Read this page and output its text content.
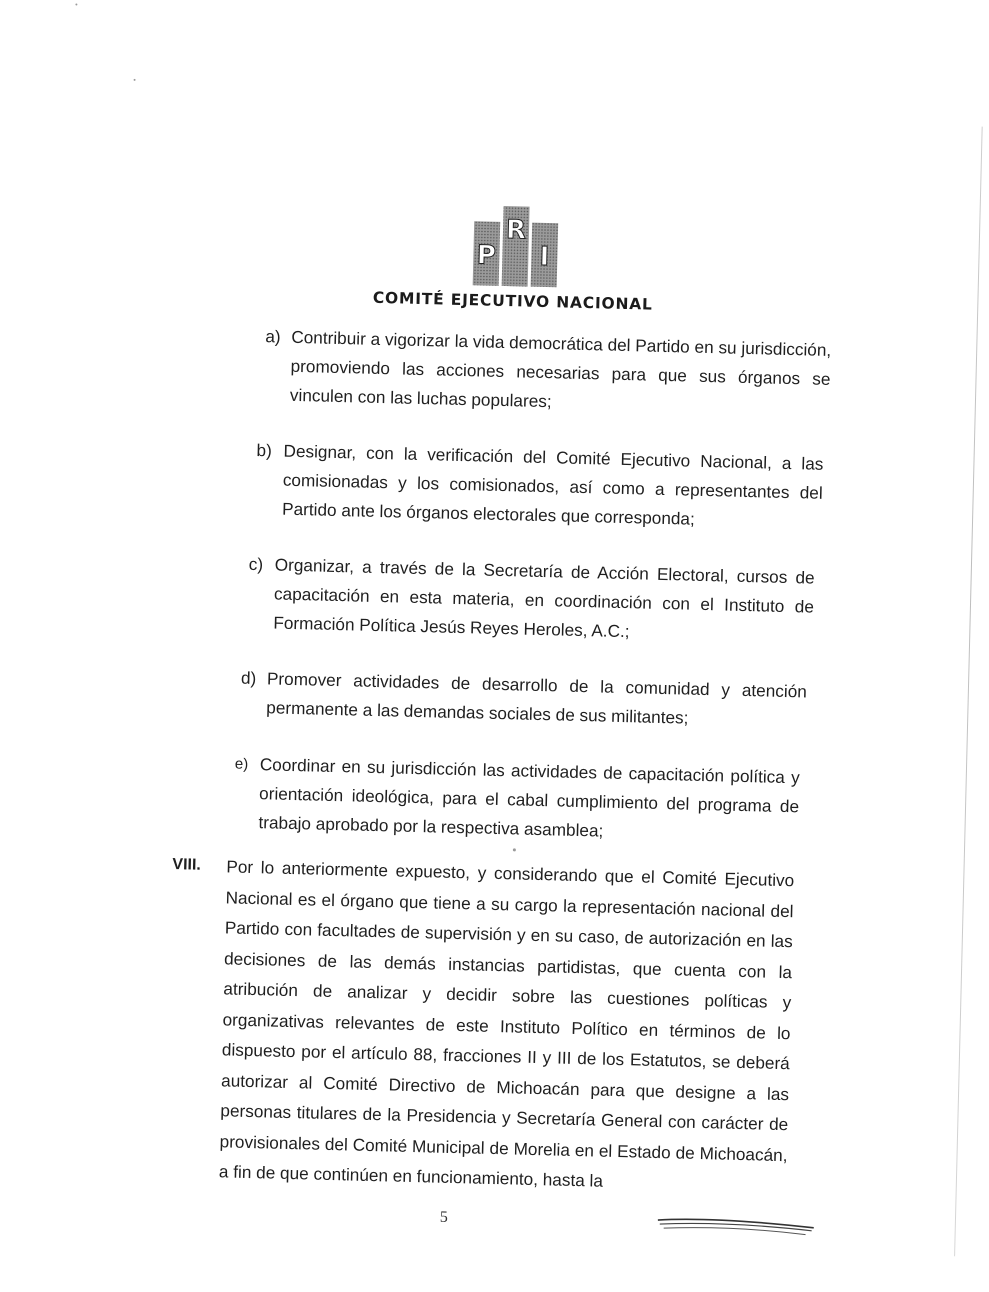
P
R
I
COMITÉ EJECUTIVO NACIONAL
a) Contribuir a vigorizar la vida democrática del Partido en su jurisdicción, promoviendo las acciones necesarias para que sus órganos se vinculen con las luchas populares;
b) Designar, con la verificación del Comité Ejecutivo Nacional, a las comisionadas y los comisionados, así como a representantes del Partido ante los órganos electorales que corresponda;
c) Organizar, a través de la Secretaría de Acción Electoral, cursos de capacitación en esta materia, en coordinación con el Instituto de Formación Política Jesús Reyes Heroles, A.C.;
d) Promover actividades de desarrollo de la comunidad y atención permanente a las demandas sociales de sus militantes;
e) Coordinar en su jurisdicción las actividades de capacitación política y orientación ideológica, para el cabal cumplimiento del programa de trabajo aprobado por la respectiva asamblea;
VIII.	Por lo anteriormente expuesto, y considerando que el Comité Ejecutivo Nacional es el órgano que tiene a su cargo la representación nacional del Partido con facultades de supervisión y en su caso, de autorización en las decisiones de las demás instancias partidistas, que cuenta con la atribución de analizar y decidir sobre las cuestiones políticas y organizativas relevantes de este Instituto Político en términos de lo dispuesto por el artículo 88, fracciones II y III de los Estatutos, se deberá autorizar al Comité Directivo de Michoacán para que designe a las personas titulares de la Presidencia y Secretaría General con carácter de provisionales del Comité Municipal de Morelia en el Estado de Michoacán, a fin de que continúen en funcionamiento, hasta la
5
